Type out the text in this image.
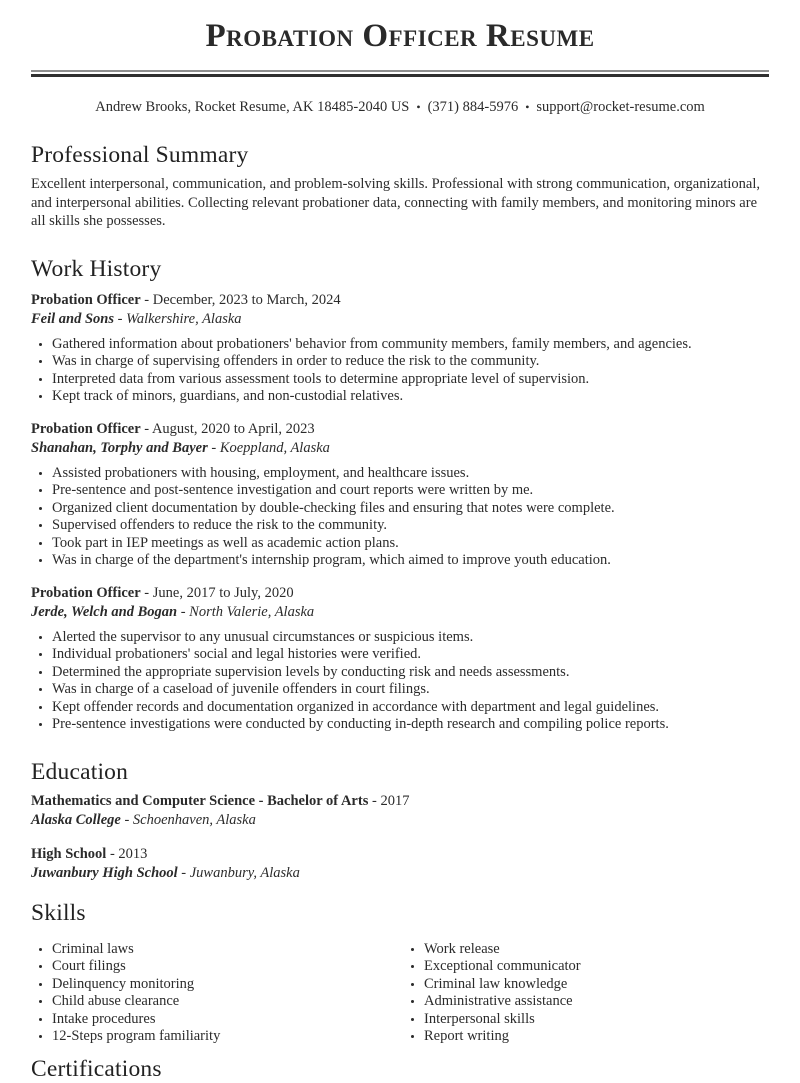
Probation Officer Resume
Andrew Brooks, Rocket Resume, AK 18485-2040 US • (371) 884-5976 • support@rocket-resume.com
Professional Summary

Excellent interpersonal, communication, and problem-solving skills. Professional with strong communication, organizational, and interpersonal abilities. Collecting relevant probationer data, connecting with family members, and monitoring minors are all skills she possesses.

Work History
Probation Officer - December, 2023 to March, 2024
Feil and Sons - Walkershire, Alaska
• Gathered information about probationers' behavior from community members, family members, and agencies.
• Was in charge of supervising offenders in order to reduce the risk to the community.
• Interpreted data from various assessment tools to determine appropriate level of supervision.
• Kept track of minors, guardians, and non-custodial relatives.
Probation Officer - August, 2020 to April, 2023
Shanahan, Torphy and Bayer - Koeppland, Alaska
• Assisted probationers with housing, employment, and healthcare issues.
• Pre-sentence and post-sentence investigation and court reports were written by me.
• Organized client documentation by double-checking files and ensuring that notes were complete.
• Supervised offenders to reduce the risk to the community.
• Took part in IEP meetings as well as academic action plans.
• Was in charge of the department's internship program, which aimed to improve youth education.
Probation Officer - June, 2017 to July, 2020
Jerde, Welch and Bogan - North Valerie, Alaska
• Alerted the supervisor to any unusual circumstances or suspicious items.
• Individual probationers' social and legal histories were verified.
• Determined the appropriate supervision levels by conducting risk and needs assessments.
• Was in charge of a caseload of juvenile offenders in court filings.
• Kept offender records and documentation organized in accordance with department and legal guidelines.
• Pre-sentence investigations were conducted by conducting in-depth research and compiling police reports.
Education
Mathematics and Computer Science - Bachelor of Arts - 2017
Alaska College - Schoenhaven, Alaska
High School - 2013
Juwanbury High School - Juwanbury, Alaska
Skills
• Criminal laws
• Court filings
• Delinquency monitoring
• Child abuse clearance
• Intake procedures
• 12-Steps program familiarity
• Work release
• Exceptional communicator
• Criminal law knowledge
• Administrative assistance
• Interpersonal skills
• Report writing
Certifications
